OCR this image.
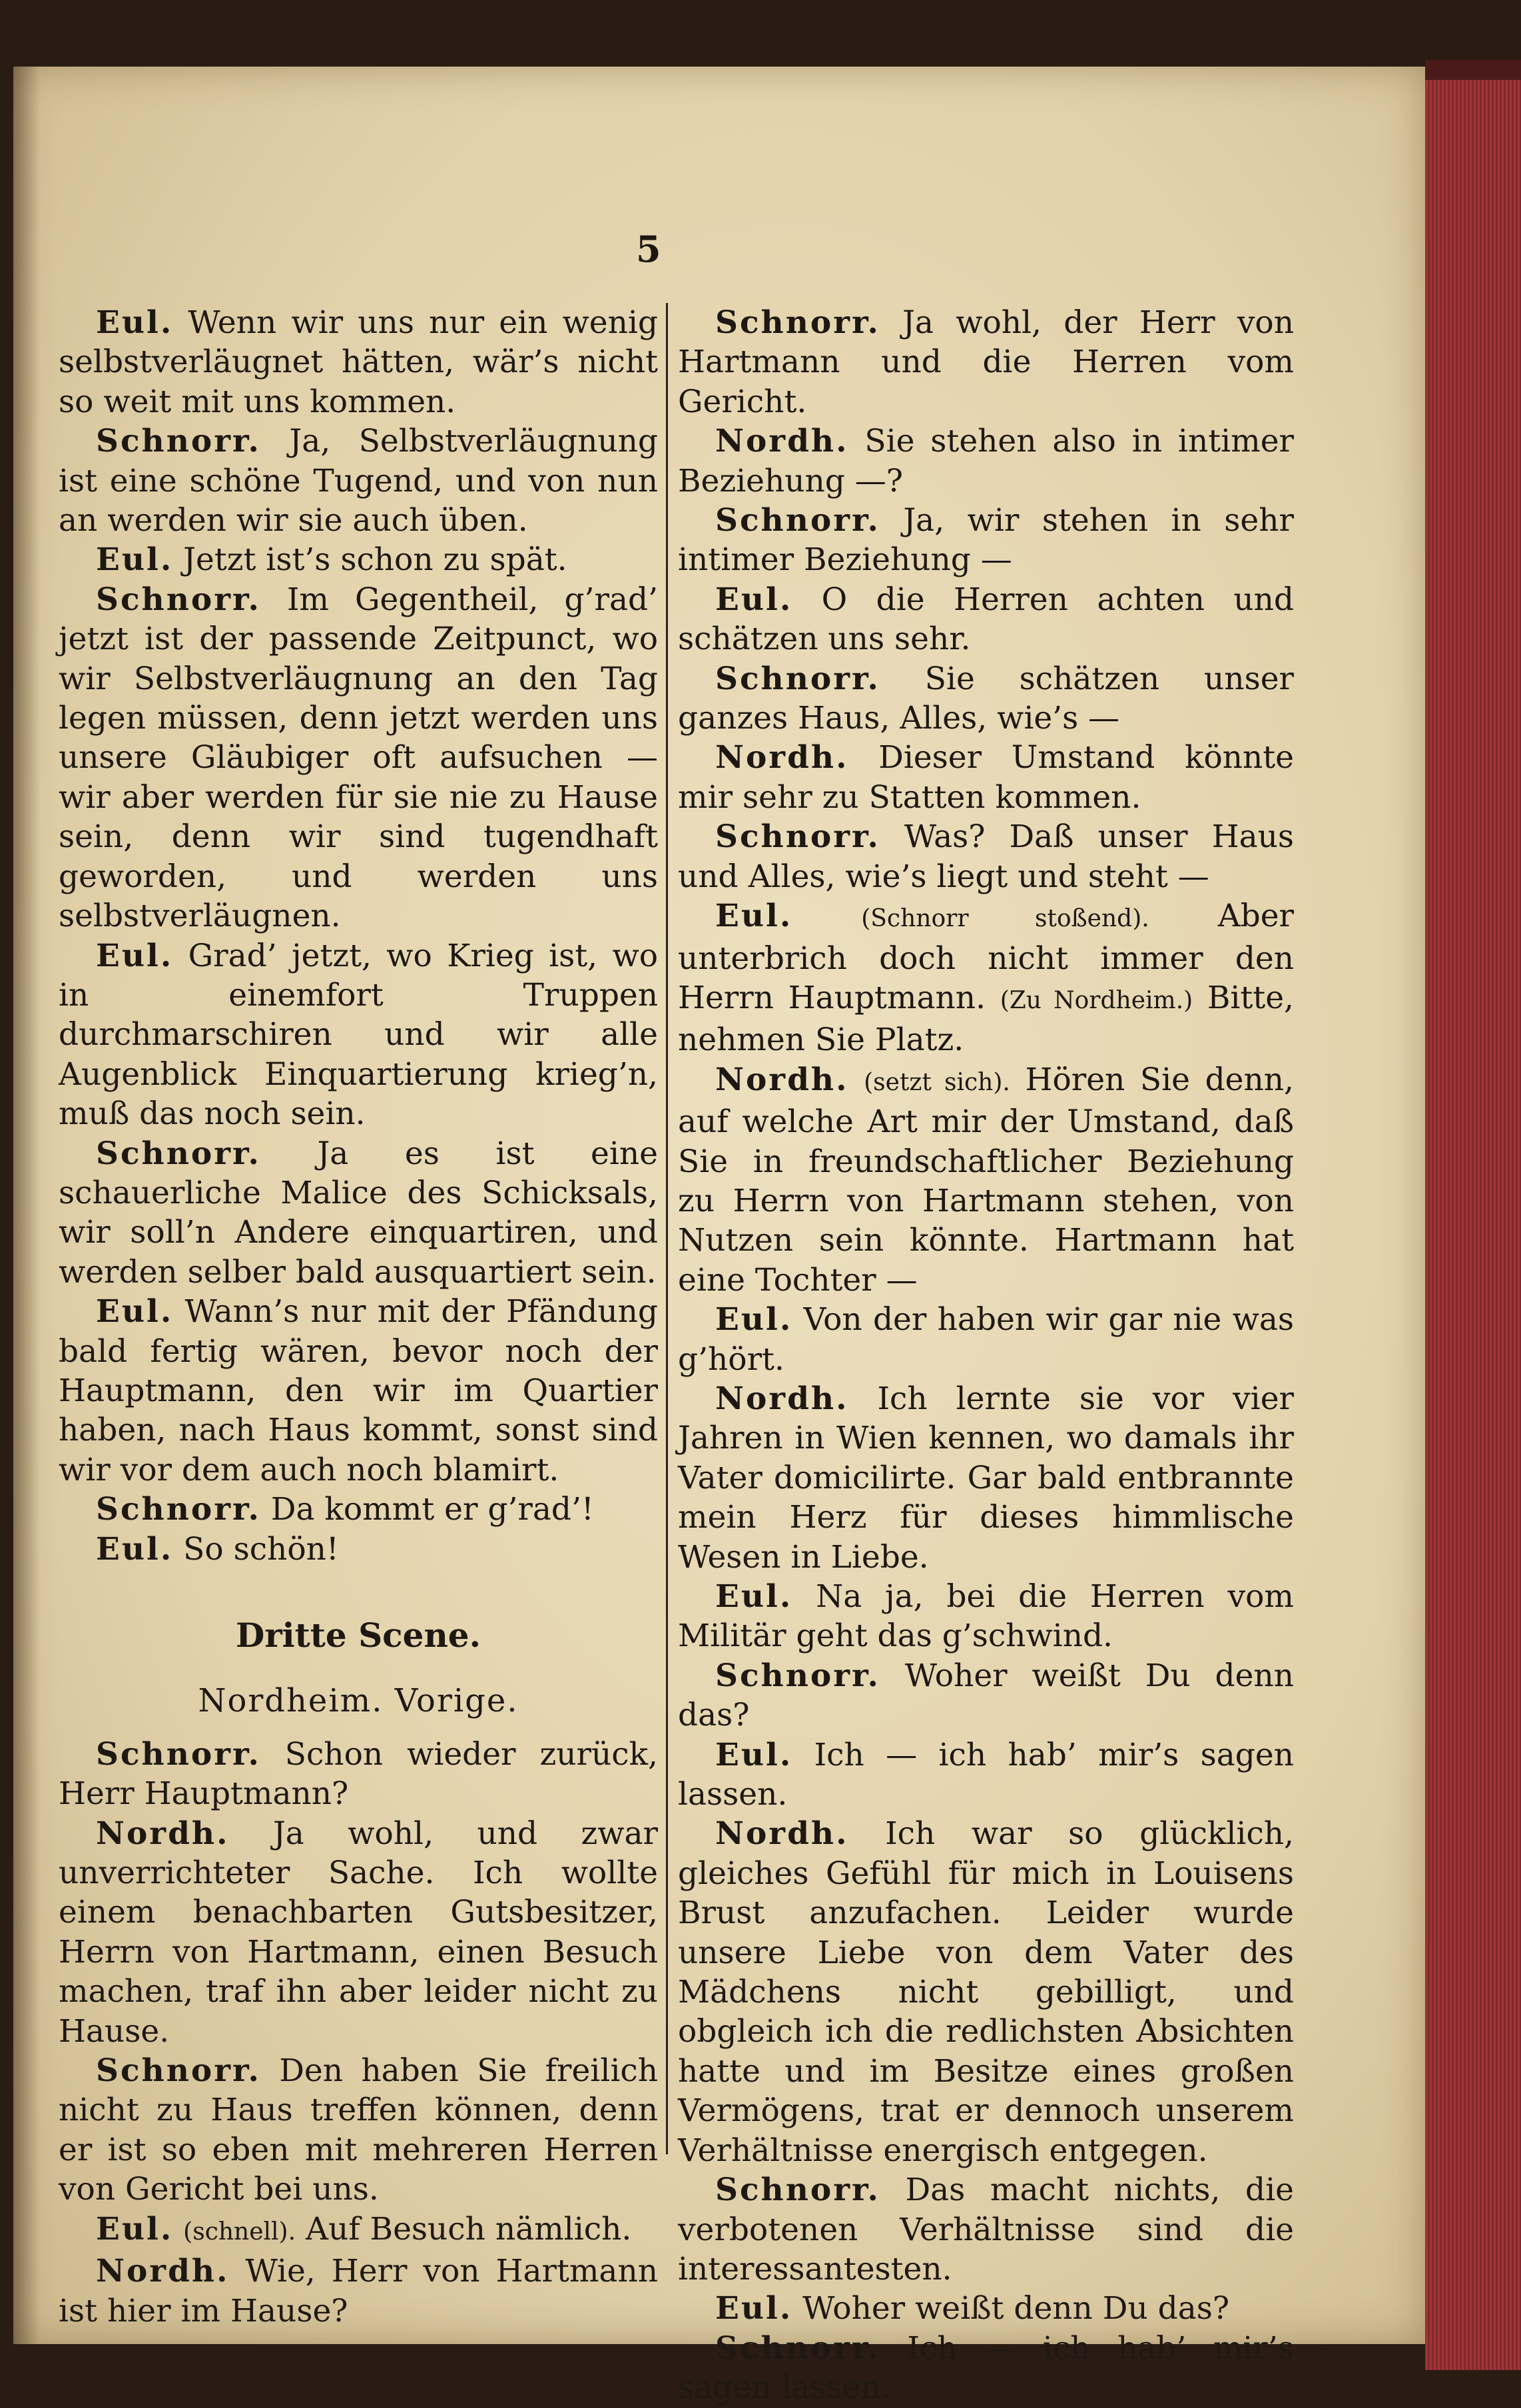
5

Eul. Wenn wir uns nur ein wenig selbstverläugnet hätten, wär’s nicht so weit mit uns kommen.

Schnorr. Ja, Selbstverläugnung ist eine schöne Tugend, und von nun an werden wir sie auch üben.

Eul. Jetzt ist’s schon zu spät.

Schnorr. Im Gegentheil, g’rad’ jetzt ist der passende Zeitpunct, wo wir Selbstverläugnung an den Tag legen müssen, denn jetzt werden uns unsere Gläubiger oft aufsuchen — wir aber werden für sie nie zu Hause sein, denn wir sind tugendhaft geworden, und werden uns selbstverläugnen.

Eul. Grad’ jetzt, wo Krieg ist, wo in einemfort Truppen durchmarschiren und wir alle Augenblick Einquartierung krieg’n, muß das noch sein.

Schnorr. Ja es ist eine schauerliche Malice des Schicksals, wir soll’n Andere einquartiren, und werden selber bald ausquartiert sein.

Eul. Wann’s nur mit der Pfändung bald fertig wären, bevor noch der Hauptmann, den wir im Quartier haben, nach Haus kommt, sonst sind wir vor dem auch noch blamirt.

Schnorr. Da kommt er g’rad’!

Eul. So schön!

Dritte Scene.

Nordheim. Vorige.

Schnorr. Schon wieder zurück, Herr Hauptmann?

Nordh. Ja wohl, und zwar unverrichteter Sache. Ich wollte einem benachbarten Gutsbesitzer, Herrn von Hartmann, einen Besuch machen, traf ihn aber leider nicht zu Hause.

Schnorr. Den haben Sie freilich nicht zu Haus treffen können, denn er ist so eben mit mehreren Herren von Gericht bei uns.

Eul. (schnell). Auf Besuch nämlich.

Nordh. Wie, Herr von Hartmann ist hier im Hause?

Schnorr. Ja wohl, der Herr von Hartmann und die Herren vom Gericht.

Nordh. Sie stehen also in intimer Beziehung —?

Schnorr. Ja, wir stehen in sehr intimer Beziehung —

Eul. O die Herren achten und schätzen uns sehr.

Schnorr. Sie schätzen unser ganzes Haus, Alles, wie’s —

Nordh. Dieser Umstand könnte mir sehr zu Statten kommen.

Schnorr. Was? Daß unser Haus und Alles, wie’s liegt und steht —

Eul.	(Schnorr stoßend). Aber unterbrich doch nicht immer den Herrn Hauptmann. (Zu Nordheim.) Bitte, nehmen Sie Platz.

Nordh. (setzt sich). Hören Sie denn, auf welche Art mir der Umstand, daß Sie in freundschaftlicher Beziehung zu Herrn von Hartmann stehen, von Nutzen sein könnte. Hartmann hat eine Tochter —

Eul. Von der haben wir gar nie was g’hört.

Nordh. Ich lernte sie vor vier Jahren in Wien kennen, wo damals ihr Vater domicilirte. Gar bald entbrannte mein Herz für dieses himmlische Wesen in Liebe.

Eul. Na ja, bei die Herren vom Militär geht das g’schwind.

Schnorr. Woher weißt Du denn das?

Eul. Ich — ich hab’ mir’s sagen lassen.

Nordh. Ich war so glücklich, gleiches Gefühl für mich in Louisens Brust anzufachen. Leider wurde unsere Liebe von dem Vater des Mädchens nicht gebilligt, und obgleich ich die redlichsten Absichten hatte und im Besitze eines großen Vermögens, trat er dennoch unserem Verhältnisse energisch entgegen.

Schnorr. Das macht nichts, die verbotenen Verhältnisse sind die interessantesten.

Eul. Woher weißt denn Du das?

Schnorr. Ich — ich hab’ mir’s sagen lassen.
